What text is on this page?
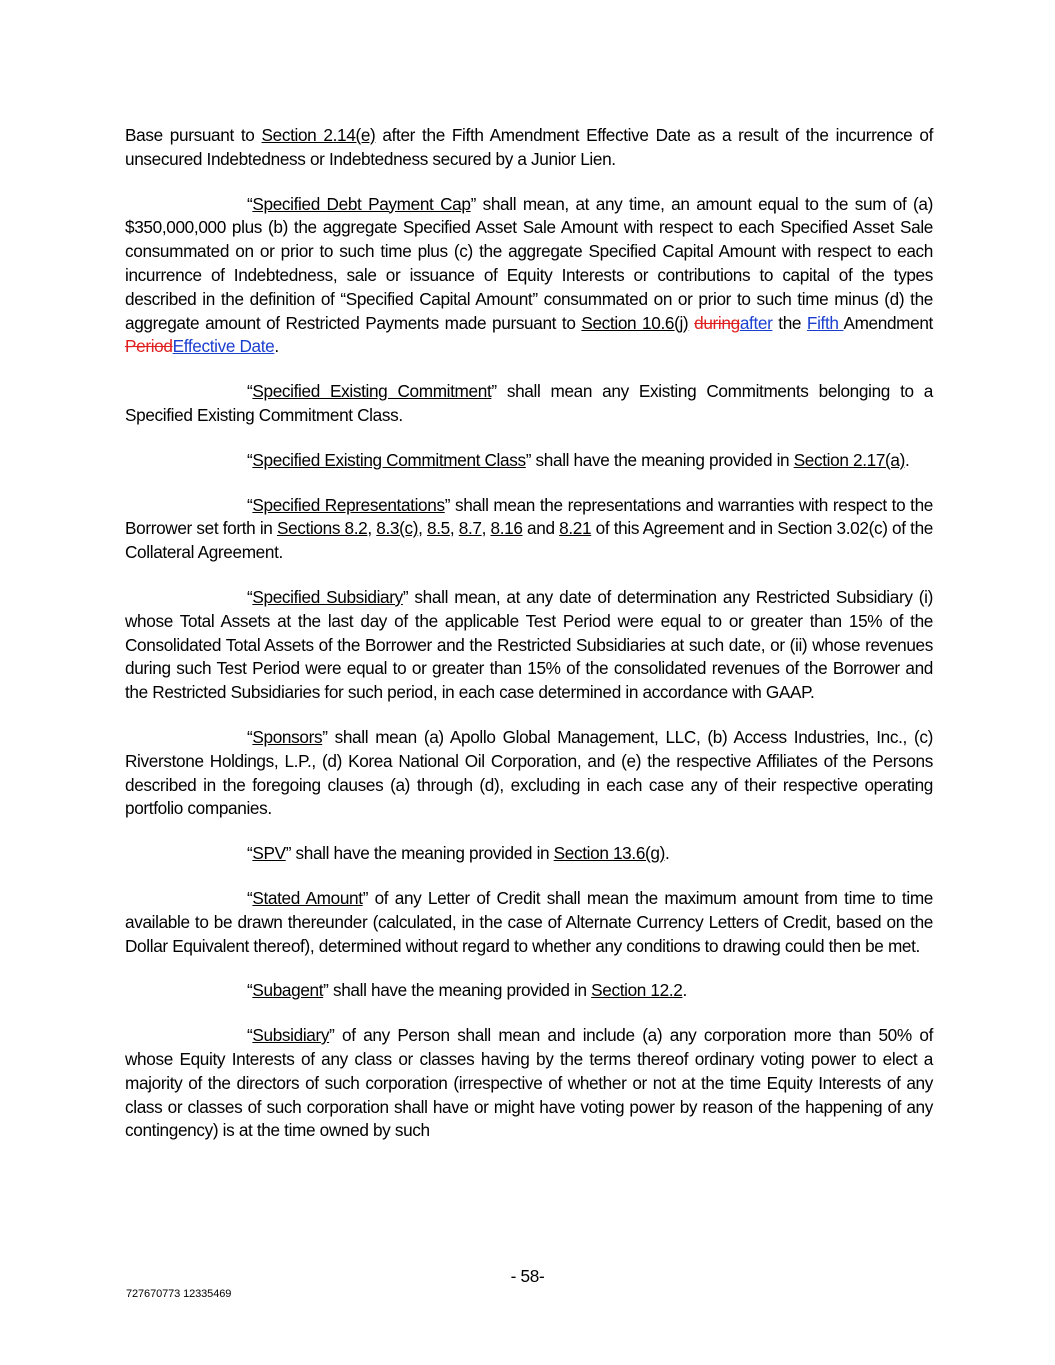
Base pursuant to Section 2.14(e) after the Fifth Amendment Effective Date as a result of the incurrence of unsecured Indebtedness or Indebtedness secured by a Junior Lien.

“Specified Debt Payment Cap” shall mean, at any time, an amount equal to the sum of (a) $350,000,000 plus (b) the aggregate Specified Asset Sale Amount with respect to each Specified Asset Sale consummated on or prior to such time plus (c) the aggregate Specified Capital Amount with respect to each incurrence of Indebtedness, sale or issuance of Equity Interests or contributions to capital of the types described in the definition of “Specified Capital Amount” consummated on or prior to such time minus (d) the aggregate amount of Restricted Payments made pursuant to Section 10.6(j) duringafter the Fifth Amendment PeriodEffective Date.

“Specified Existing Commitment” shall mean any Existing Commitments belonging to a Specified Existing Commitment Class.

“Specified Existing Commitment Class” shall have the meaning provided in Section 2.17(a).

“Specified Representations” shall mean the representations and warranties with respect to the Borrower set forth in Sections 8.2, 8.3(c), 8.5, 8.7, 8.16 and 8.21 of this Agreement and in Section 3.02(c) of the Collateral Agreement.

“Specified Subsidiary” shall mean, at any date of determination any Restricted Subsidiary (i) whose Total Assets at the last day of the applicable Test Period were equal to or greater than 15% of the Consolidated Total Assets of the Borrower and the Restricted Subsidiaries at such date, or (ii) whose revenues during such Test Period were equal to or greater than 15% of the consolidated revenues of the Borrower and the Restricted Subsidiaries for such period, in each case determined in accordance with GAAP.

“Sponsors” shall mean (a) Apollo Global Management, LLC, (b) Access Industries, Inc., (c) Riverstone Holdings, L.P., (d) Korea National Oil Corporation, and (e) the respective Affiliates of the Persons described in the foregoing clauses (a) through (d), excluding in each case any of their respective operating portfolio companies.

“SPV” shall have the meaning provided in Section 13.6(g).

“Stated Amount” of any Letter of Credit shall mean the maximum amount from time to time available to be drawn thereunder (calculated, in the case of Alternate Currency Letters of Credit, based on the Dollar Equivalent thereof), determined without regard to whether any conditions to drawing could then be met.

“Subagent” shall have the meaning provided in Section 12.2.

“Subsidiary” of any Person shall mean and include (a) any corporation more than 50% of whose Equity Interests of any class or classes having by the terms thereof ordinary voting power to elect a majority of the directors of such corporation (irrespective of whether or not at the time Equity Interests of any class or classes of such corporation shall have or might have voting power by reason of the happening of any contingency) is at the time owned by such

- 58-
727670773 12335469
